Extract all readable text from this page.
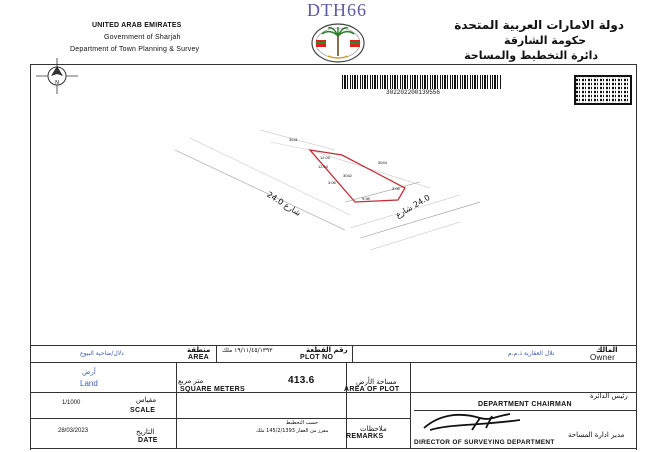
DTH66
UNITED ARAB EMIRATES
Government of Sharjah
Department of Town Planning & Survey
دولة الامارات العربية المتحدة
حكومة الشارقة
دائرة التخطيط والمساحة
N
302202200139556
3041
3044
3042
12.00
3.06
3.06
9.98
12.00
شارع 24.0	24.0 شارع
دلال/ضاحية البيوع	منطقة
AREA
١٩/١١/٤٥/١٣٩٣ ملك
PLOT NO
رقم القطعة	نلال العقارية ذ.م.م	المالك
Owner
أرض
Land	متر مربع
SQUARE METERS
413.6	مساحة الأرض
AREA OF PLOT
رئيس الدائرة
DEPARTMENT CHAIRMAN
1/1000	مقياس
SCALE
حسب التخطيط
مفرز من العقار 145/2/1393 ملك	ملاحظات
REMARKS
28/03/2023	التاريخ
DATE
مدير ادارة المساحة
DIRECTOR OF SURVEYING DEPARTMENT
